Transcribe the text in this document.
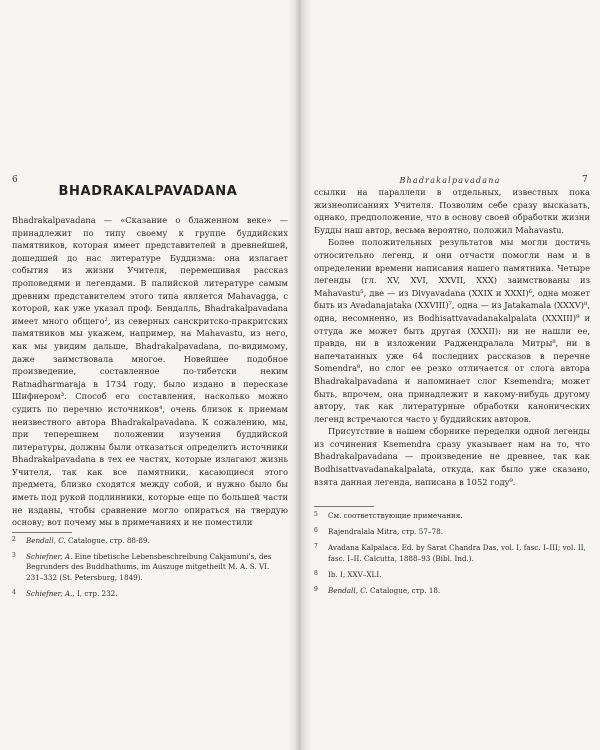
6
BHADRAKALPAVADANA

Bhadrakalpavadana — «Сказание о блаженном веке» — принадлежит по типу своему к группе буддийских памятников, которая имеет представителей в древнейшей, дошедшей до нас литературе Буддизма: она излагает события из жизни Учителя, перемешивая рассказ проповедями и легендами. В палийской литературе самым древним представителем этого типа является Mahavagga, с которой, как уже указал проф. Бендалль, Bhadrakalpavadana имеет много общего², из северных санскритско-пракритских памятников мы укажем, например, на Mahavastu, из него, как мы увидим дальше, Bhadrakalpavadana, по-видимому, даже заимствовала многое. Новейшее подобное произведение, составленное по-тибетски неким Ratnadharmaraja в 1734 году, было издано в пересказе Шифнером³. Способ его составления, насколько можно судить по перечню источников⁴, очень близок к приемам неизвестного автора Bhadrakalpavadana. К сожалению, мы, при теперешнем положении изучения буддийской литературы, должны были отказаться определить источники Bhadrakalpavadana в тех ее частях, которые излагают жизнь Учителя, так как все памятники, касающиеся этого предмета, близко сходятся между собой, и нужно было бы иметь под рукой подлинники, которые еще по большей части не изданы, чтобы сравнение могло опираться на твердую основу; вот почему мы в примечаниях и не поместили

2 Bendall, C. Catalogue, стр. 88-89.
3 Schiefner, A. Eine tibetische Lebensbeschreibung Cakjamuni's, des Begrunders des Buddhathums, im Auszuge mitgetheilt M. A. S. VI. 231–332 (St. Petersburg, 1849).
4 Schiefner, A., I, стр. 232.
Bhadrakalpavadana	7

ссылки на параллели в отдельных, известных пока жизнеописаниях Учителя. Позволим себе сразу высказать, однако, предположение, что в основу своей обработки жизни Будды наш автор, весьма вероятно, положил Mahavastu.

Более положительных результатов мы могли достичь относительно легенд, и они отчасти помогли нам и в определении времени написания нашего памятника. Четыре легенды (гл. XV, XVI, XXVII, XXX) заимствованы из Mahavastu⁵, две — из Divyavadana (XXIX и XXXI)⁶, одна может быть из Avadanajataka (XXVIII)⁷, одна — из Jatakamala (XXXV)⁸, одна, несомненно, из Bodhisattvavadanakalpalata (XXXIII)⁹ и оттуда же может быть другая (XXXII): ни не нашли ее, правда, ни в изложении Раджендралала Митры⁸, ни в напечатанных уже 64 последних рассказов в перечне Somendra⁸, но слог ее резко отличается от слога автора Bhadrakalpavadana и напоминает слог Ksemendra; может быть, впрочем, она принадлежит и какому-нибудь другому автору, так как литературные обработки канонических легенд встречаются часто у буддийских авторов.

Присутствие в нашем сборнике переделки одной легенды из сочинения Ksemendra сразу указывает нам на то, что Bhadrakalpavadana — произведение не древнее, так как Bodhisattvavadanakalpalata, откуда, как было уже сказано, взята данная легенда, написана в 1052 году⁹.

5 См. соответствующие примечания.
6 Rajendralala Mitra, стр. 57–78.
7 Avadana Kalpalaca. Ed. by Sarat Chandra Das, vol. I, fasc. I–III; vol. II, fasc. I–II. Calcutta, 1888–93 (Bibl. Ind.).
8 Ib. I, XXV–XLI.
9 Bendall, C. Catalogue, стр. 18.
